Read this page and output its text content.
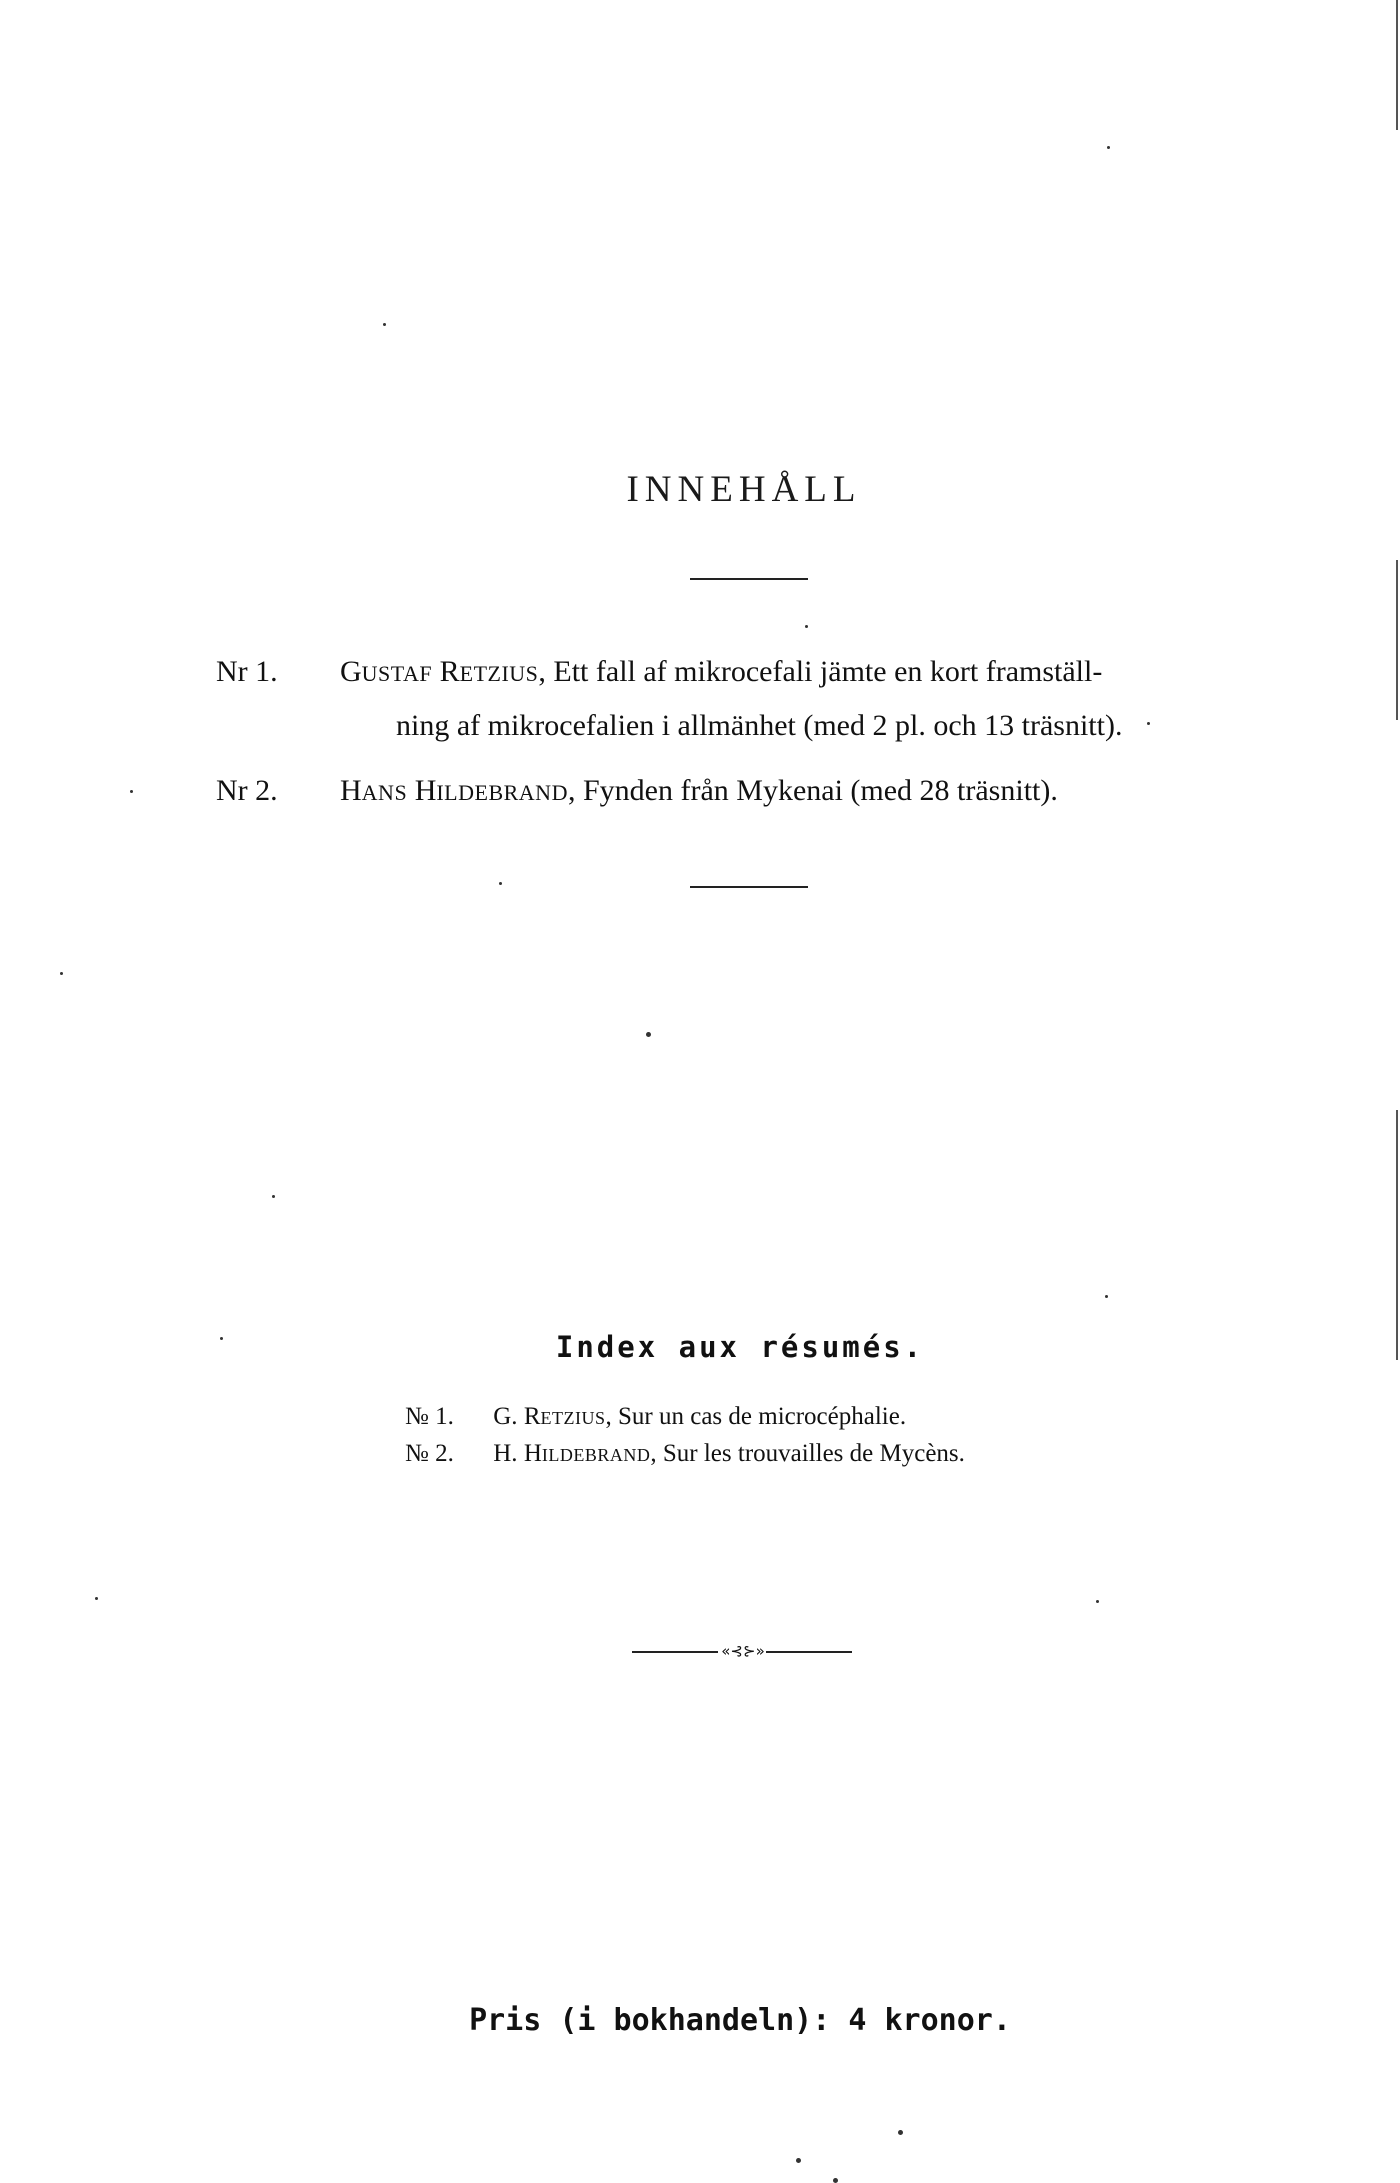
INNEHÅLL
Nr 1. GUSTAF RETZIUS, Ett fall af mikrocefali jämte en kort framställ-
ning af mikrocefalien i allmänhet (med 2 pl. och 13 träsnitt).
Nr 2. HANS HILDEBRAND, Fynden från Mykenai (med 28 träsnitt).
Index aux résumés.
№ 1. G. RETZIUS, Sur un cas de microcéphalie.
№ 2. H. HILDEBRAND, Sur les trouvailles de Mycèns.
«⊰⊱»
Pris (i bokhandeln): 4 kronor.
